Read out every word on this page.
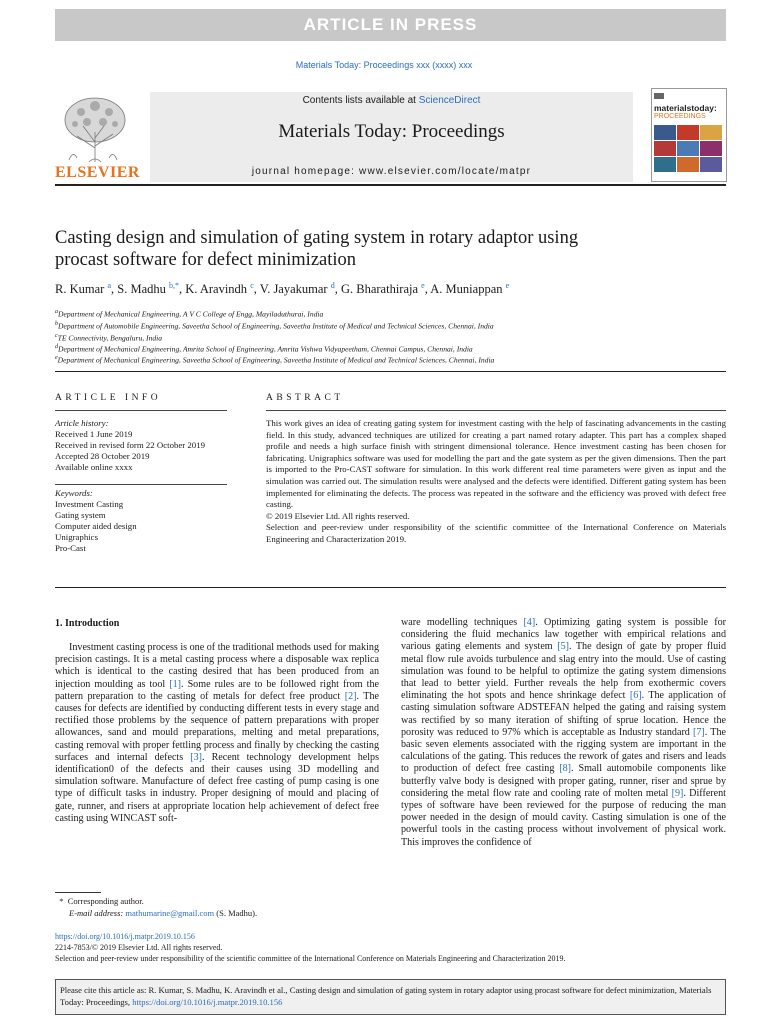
ARTICLE IN PRESS
Materials Today: Proceedings xxx (xxxx) xxx
Contents lists available at ScienceDirect
Materials Today: Proceedings
journal homepage: www.elsevier.com/locate/matpr
ELSEVIER
materialstoday:
PROCEEDINGS
Casting design and simulation of gating system in rotary adaptor using
procast software for defect minimization
R. Kumar $^a$, S. Madhu $^{b,*}$, K. Aravindh $^c$, V. Jayakumar $^d$, G. Bharathiraja $^e$, A. Muniappan $^e$
$^a$Department of Mechanical Engineering, A V C College of Engg, Mayiladuthurai, India
$^b$Department of Automobile Engineering, Saveetha School of Engineering, Saveetha Institute of Medical and Technical Sciences, Chennai, India
$^c$TE Connectivity, Bengaluru, India
$^d$Department of Mechanical Engineering, Amrita School of Engineering, Amrita Vishwa Vidyapeetham, Chennai Campus, Chennai, India
$^e$Department of Mechanical Engineering, Saveetha School of Engineering, Saveetha Institute of Medical and Technical Sciences, Chennai, India
ARTICLE INFO
Article history:
Received 1 June 2019
Received in revised form 22 October 2019
Accepted 28 October 2019
Available online xxxx
Keywords:
Investment Casting
Gating system
Computer aided design
Unigraphics
Pro-Cast
ABSTRACT
This work gives an idea of creating gating system for investment casting with the help of fascinating advancements in the casting field. In this study, advanced techniques are utilized for creating a part named rotary adapter. This part has a complex shaped profile and needs a high surface finish with stringent dimensional tolerance. Hence investment casting has been chosen for fabricating. Unigraphics software was used for modelling the part and the gate system as per the given dimensions. Then the part is imported to the Pro-CAST software for simulation. In this work different real time parameters were given as input and the simulation was carried out. The simulation results were analysed and the defects were identified. Different gating system has been implemented for eliminating the defects. The process was repeated in the software and the efficiency was proved with defect free casting.
© 2019 Elsevier Ltd. All rights reserved.
Selection and peer-review under responsibility of the scientific committee of the International Conference on Materials Engineering and Characterization 2019.
1. Introduction

Investment casting process is one of the traditional methods used for making precision castings. It is a metal casting process where a disposable wax replica which is identical to the casting desired that has been produced from an injection moulding as tool [1]. Some rules are to be followed right from the pattern preparation to the casting of metals for defect free product [2]. The causes for defects are identified by conducting different tests in every stage and rectified those problems by the sequence of pattern preparations with proper allowances, sand and mould preparations, melting and metal preparations, casting removal with proper fettling process and finally by checking the casting surfaces and internal defects [3]. Recent technology development helps identification0 of the defects and their causes using 3D modelling and simulation software. Manufacture of defect free casting of pump casing is one type of difficult tasks in industry. Proper designing of mould and placing of gate, runner, and risers at appropriate location help achievement of defect free casting using WINCAST soft-

ware modelling techniques [4]. Optimizing gating system is possible for considering the fluid mechanics law together with empirical relations and various gating elements and system [5]. The design of gate by proper fluid metal flow rule avoids turbulence and slag entry into the mould. Use of casting simulation was found to be helpful to optimize the gating system dimensions that lead to better yield. Further reveals the help from exothermic covers eliminating the hot spots and hence shrinkage defect [6]. The application of casting simulation software ADSTEFAN helped the gating and raising system was rectified by so many iteration of shifting of sprue location. Hence the porosity was reduced to 97% which is acceptable as Industry standard [7]. The basic seven elements associated with the rigging system are important in the calculations of the gating. This reduces the rework of gates and risers and leads to production of defect free casting [8]. Small automobile components like butterfly valve body is designed with proper gating, runner, riser and sprue by considering the metal flow rate and cooling rate of molten metal [9]. Different types of software have been reviewed for the purpose of reducing the man power needed in the design of mould cavity. Casting simulation is one of the powerful tools in the casting process without involvement of physical work. This improves the confidence of

*  Corresponding author.
E-mail address: mathumarine@gmail.com (S. Madhu).
https://doi.org/10.1016/j.matpr.2019.10.156
2214-7853/© 2019 Elsevier Ltd. All rights reserved.
Selection and peer-review under responsibility of the scientific committee of the International Conference on Materials Engineering and Characterization 2019.
Please cite this article as: R. Kumar, S. Madhu, K. Aravindh et al., Casting design and simulation of gating system in rotary adaptor using procast software for defect minimization, Materials Today: Proceedings, https://doi.org/10.1016/j.matpr.2019.10.156
